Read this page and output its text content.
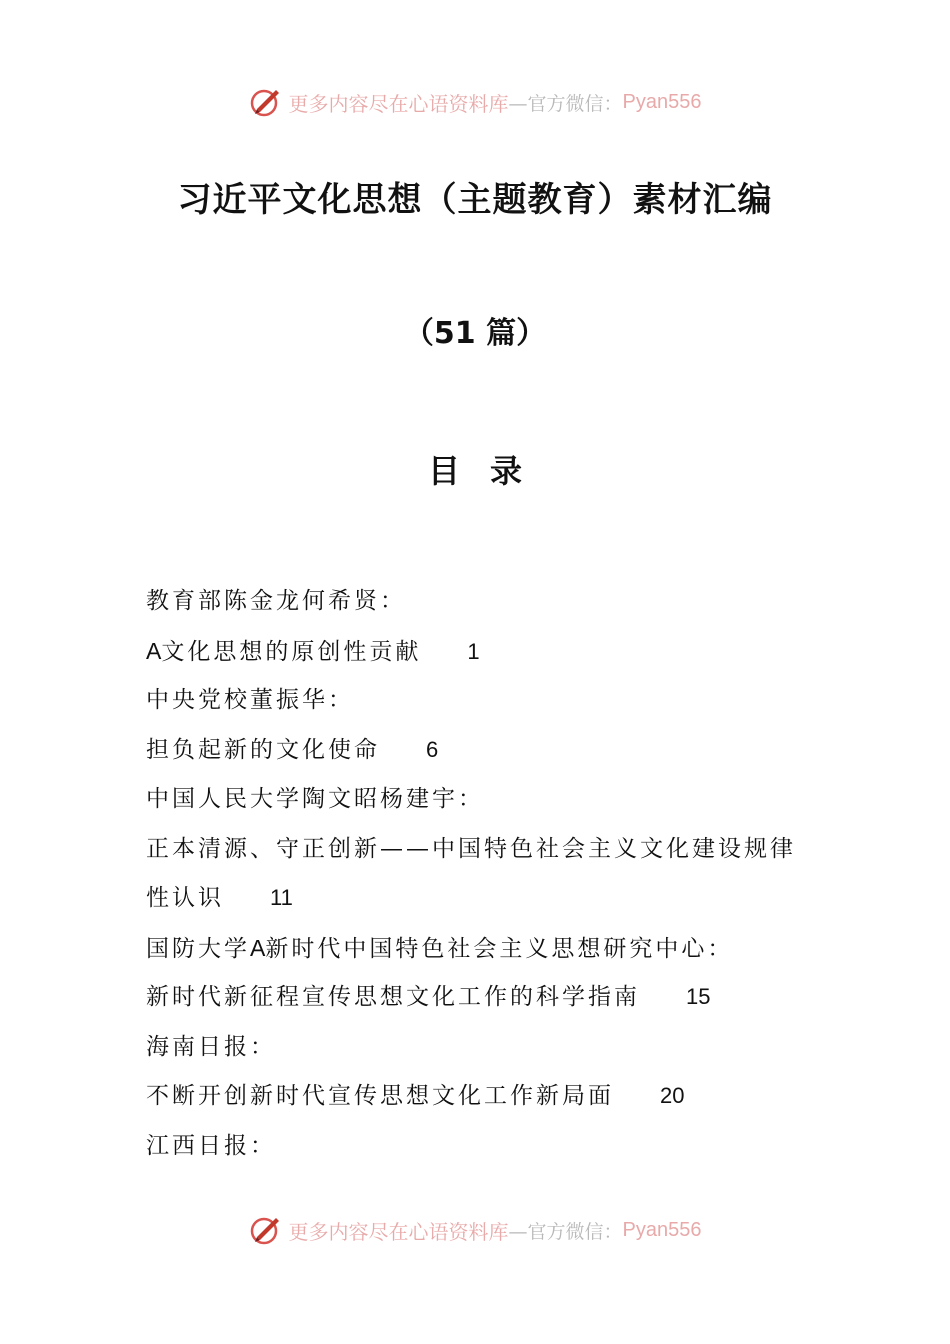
更多内容尽在心语资料库 —官方微信： Pyan556
习近平文化思想（主题教育）素材汇编
（51 篇）
目录
教育部陈金龙何希贤：
A文化思想的原创性贡献 1
中央党校董振华：
担负起新的文化使命 6
中国人民大学陶文昭杨建宇：
正本清源、守正创新——中国特色社会主义文化建设规律
性认识 11
国防大学A新时代中国特色社会主义思想研究中心：
新时代新征程宣传思想文化工作的科学指南 15
海南日报：
不断开创新时代宣传思想文化工作新局面 20
江西日报：
更多内容尽在心语资料库 —官方微信： Pyan556
